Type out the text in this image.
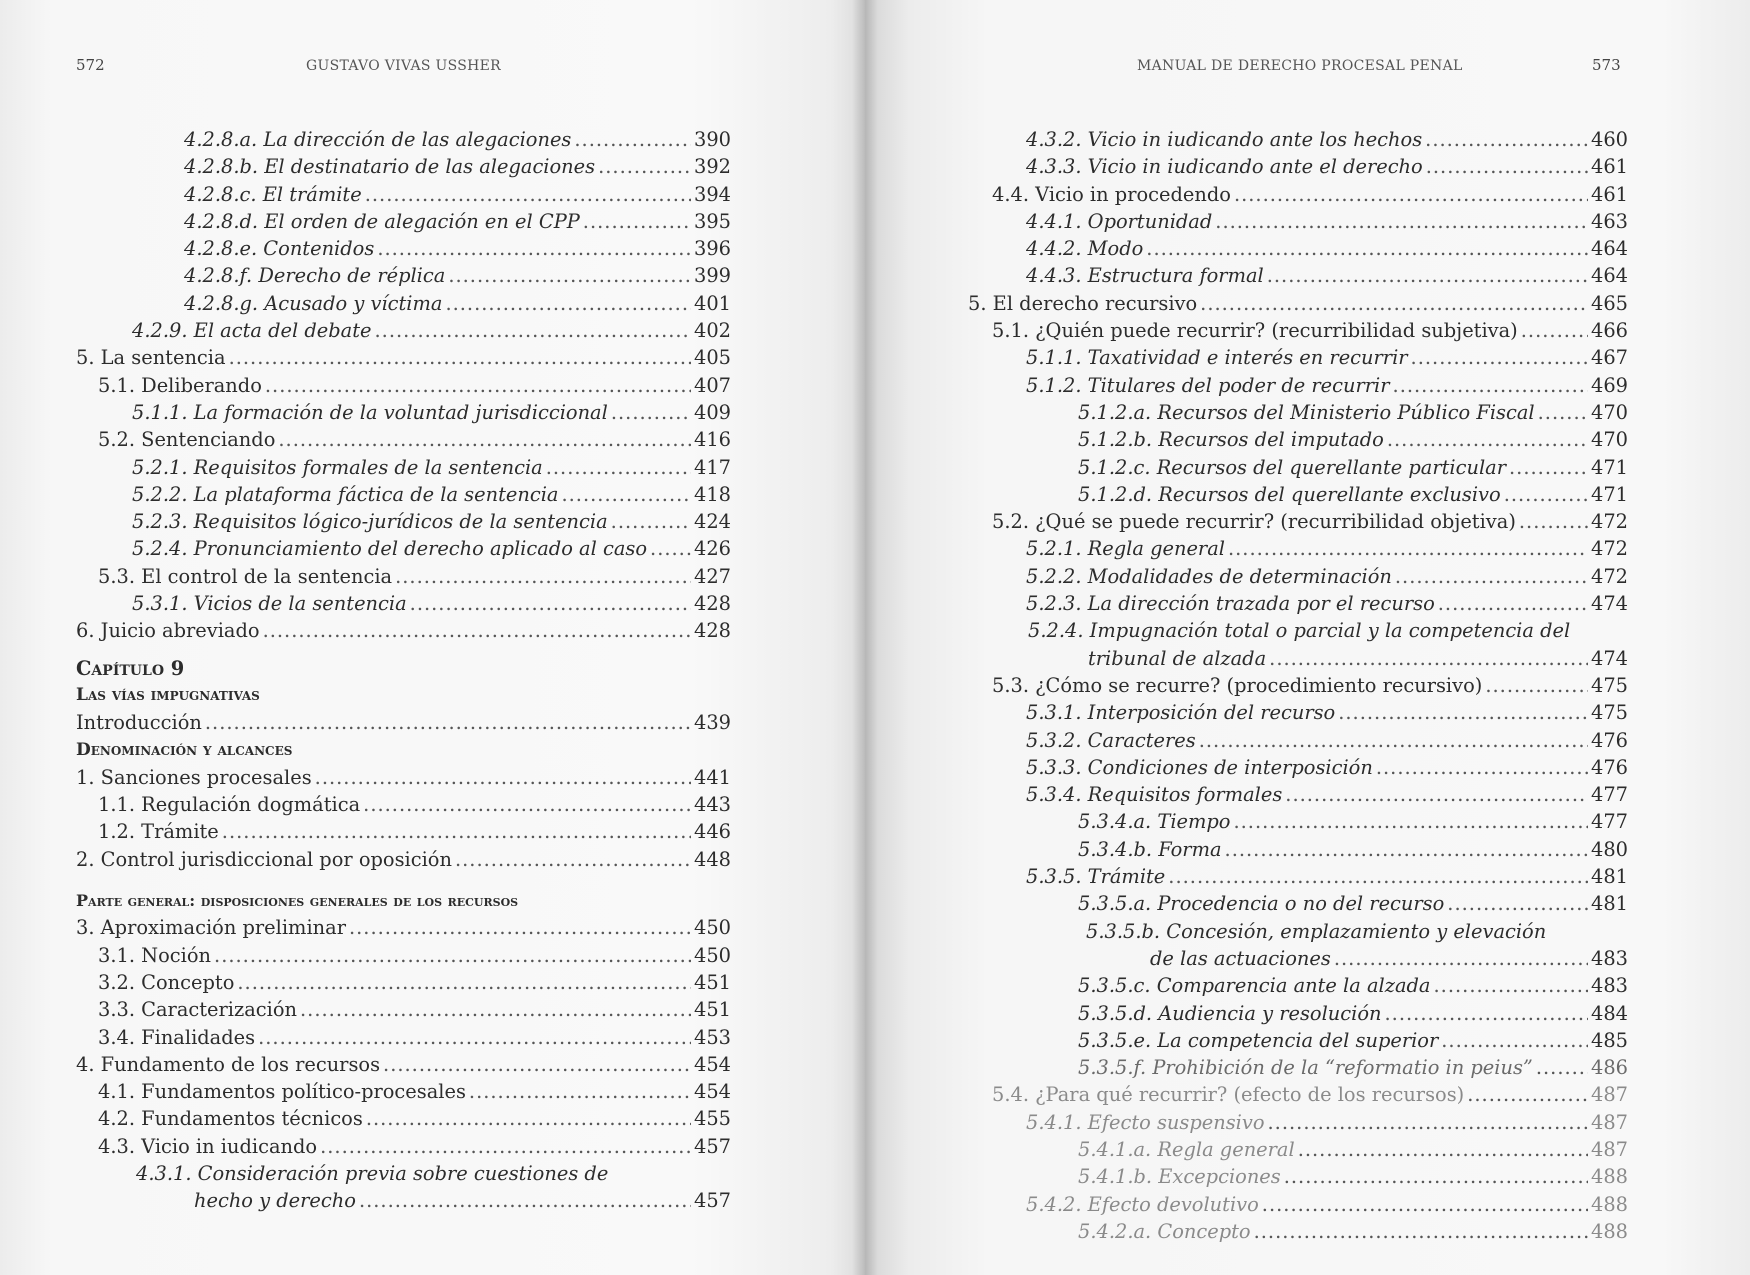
572	GUSTAVO VIVAS USSHER
4.2.8.a. La dirección de las alegaciones .....	390
4.2.8.b. El destinatario de las alegaciones .....	392
4.2.8.c. El trámite .....	394
4.2.8.d. El orden de alegación en el CPP .....	395
4.2.8.e. Contenidos .....	396
4.2.8.f. Derecho de réplica .....	399
4.2.8.g. Acusado y víctima .....	401
4.2.9. El acta del debate .....	402
5. La sentencia .....	405
5.1. Deliberando .....	407
5.1.1. La formación de la voluntad jurisdiccional .....	409
5.2. Sentenciando .....	416
5.2.1. Requisitos formales de la sentencia .....	417
5.2.2. La plataforma fáctica de la sentencia .....	418
5.2.3. Requisitos lógico-jurídicos de la sentencia .....	424
5.2.4. Pronunciamiento del derecho aplicado al caso ..... 426
5.3. El control de la sentencia .....	427
5.3.1. Vicios de la sentencia .....	428
6. Juicio abreviado .....	428
Capítulo 9
Las vías impugnativas
Introducción .....	439
Denominación y alcances
1. Sanciones procesales .....	441
1.1. Regulación dogmática .....	443
1.2. Trámite .....	446
2. Control jurisdiccional por oposición .....	448
Parte general: disposiciones generales de los recursos
3. Aproximación preliminar .....	450
3.1. Noción .....	450
3.2. Concepto .....	451
3.3. Caracterización .....	451
3.4. Finalidades .....	453
4. Fundamento de los recursos .....	454
4.1. Fundamentos político-procesales .....	454
4.2. Fundamentos técnicos .....	455
4.3. Vicio in iudicando .....	457
4.3.1. Consideración previa sobre cuestiones de
hecho y derecho .....	457
MANUAL DE DERECHO PROCESAL PENAL	573
4.3.2. Vicio in iudicando ante los hechos .....	460
4.3.3. Vicio in iudicando ante el derecho .....	461
4.4. Vicio in procedendo .....	461
4.4.1. Oportunidad .....	463
4.4.2. Modo .....	464
4.4.3. Estructura formal .....	464
5. El derecho recursivo .....	465
5.1. ¿Quién puede recurrir? (recurribilidad subjetiva) .....	466
5.1.1. Taxatividad e interés en recurrir .....	467
5.1.2. Titulares del poder de recurrir .....	469
5.1.2.a. Recursos del Ministerio Público Fiscal .....	470
5.1.2.b. Recursos del imputado .....	470
5.1.2.c. Recursos del querellante particular .....	471
5.1.2.d. Recursos del querellante exclusivo .....	471
5.2. ¿Qué se puede recurrir? (recurribilidad objetiva) .....	472
5.2.1. Regla general .....	472
5.2.2. Modalidades de determinación .....	472
5.2.3. La dirección trazada por el recurso .....	474
5.2.4. Impugnación total o parcial y la competencia del
tribunal de alzada .....	474
5.3. ¿Cómo se recurre? (procedimiento recursivo) .....	475
5.3.1. Interposición del recurso .....	475
5.3.2. Caracteres .....	476
5.3.3. Condiciones de interposición .....	476
5.3.4. Requisitos formales .....	477
5.3.4.a. Tiempo .....	477
5.3.4.b. Forma .....	480
5.3.5. Trámite .....	481
5.3.5.a. Procedencia o no del recurso .....	481
5.3.5.b. Concesión, emplazamiento y elevación
de las actuaciones .....	483
5.3.5.c. Comparencia ante la alzada .....	483
5.3.5.d. Audiencia y resolución .....	484
5.3.5.e. La competencia del superior .....	485
5.3.5.f. Prohibición de la “reformatio in peius” .....	486
5.4. ¿Para qué recurrir? (efecto de los recursos) .....	487
5.4.1. Efecto suspensivo .....	487
5.4.1.a. Regla general .....	487
5.4.1.b. Excepciones .....	488
5.4.2. Efecto devolutivo .....	488
5.4.2.a. Concepto .....	488
